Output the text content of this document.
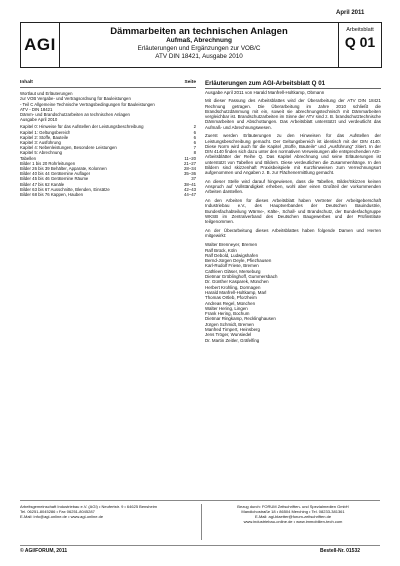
April 2011
AGI
Dämmarbeiten an technischen Anlagen
Aufmaß, Abrechnung
Erläuterungen und Ergänzungen zur VOB/C
ATV DIN 18421, Ausgabe 2010
Arbeitsblatt
Q 01
Inhalt	Seite
Wortlaut und Erläuterungen
zur VOB Vergabe- und Vertragsordnung für Bauleistungen
- Teil C Allgemeine Technische Vertragsbedingungen für Bauleistungen
ATV - DIN 18421
Dämm- und Brandschutzarbeiten an technischen Anlagen
Ausgabe April 2010
Kapitel 0: Hinweise für das Aufstellen der Leistungsbeschreibung	2
Kapitel 1: Geltungsbereich	6
Kapitel 2: Stoffe, Bauteile	6
Kapitel 3: Ausführung	6
Kapitel 4: Nebenleistungen, Besondere Leistungen	7
Kapitel 5: Abrechnung	8
Tabellen	11–20
Bilder 1 bis 20 Rohrleitungen	21–27
Bilder 26 bis 39 Behälter, Apparate, Kolonnen	28–34
Bilder 40 bis 44 Gerätemine Auflager	35–36
Bilder 45 bis 46 Gerätemine Räume	37
Bilder 47 bis 62 Kanäle	38–41
Bilder 63 bis 67 Ausschnitte, Blenden, Einsätze	42–43
Bilder 68 bis 76 Kappen, Hauben	44–47
Erläuterungen zum AGI-Arbeitsblatt Q 01
Ausgabe April 2011 von Harald Manfrell-Holtkamp, Obmann

Mit dieser Fassung des Arbeitsblattes wird der Überarbeitung der ATV DIN 18421 Rechnung getragen. Die Überarbeitung im Jahre 2010 schließt die Brandschutzdämmung mit ein, soweit sie abrechnungstechnisch mit Dämmarbeiten vergleichbar ist. Brandschutzarbeiten im Sinne der ATV sind z. B. brandschutztechnische Dämmarbeiten und Abschottungen. Das Arbeitsblatt unterstützt und verdeutlicht das Aufmaß- und Abrechnungswesen.

Zuerst werden Erläuterungen zu den Hinweisen für das Aufstellen der Leistungsbeschreibung gemacht. Der Geltungsbereich ist identisch mit der DIN 4140. Diese Norm wird auch für die Kapitel „Stoffe, Bauteile“ und „Ausführung“ zitiert. In der DIN 4140 finden sich dazu unter den normativen Verweisungen alle entsprechenden AGI-Arbeitsblätter der Reihe Q. Das Kapitel Abrechnung und seine Erläuterungen ist unterstützt von Tabellen und Bildern. Diese verdeutlichen die Zusammenhänge. In den Bildern sind skizzenhaft Praxisbeispiele mit Kurzhinweisen zum Verrechnungsort aufgenommen und Angaben z. B. zur Flächenermittlung gemacht.

An dieser Stelle wird darauf hingewiesen, dass die Tabellen, Bilder/Skizzen keinen Anspruch auf Vollständigkeit erheben, wohl aber einen Großteil der vorkommenden Arbeiten darstellen.

An den Arbeiten für dieses Arbeitsblatt haben Vertreter der Arbeitgeberschaft Industriebau e.V., des Hauptverbandes der Deutschen Bauindustrie, Bundesfachabteilung Wärme-, Kälte-, Schall- und Brandschutz, der Bundesfachgruppe WKSB im Zentralverband des Deutschen Baugewerbes und der Prüfinstitute teilgenommen.

An der Überarbeitung dieses Arbeitsblattes haben folgende Damen und Herren mitgewirkt:

Walter Brenneyer, Bremen
Ralf Brück, Köln
Ralf Debold, Ludwigshafen
Bernd-Jürgen Deyle, Pfiezhausen
Karl-Rudolf Friese, Bremen
Cathleen Gläser, Merseburg
Dietmar Gröblinghoff, Gummersbach
Dr. Günther Kasparek, München
Herbert Krohling, Dormagen
Harald Manfrell-Holtkamp, Marl
Thomas Ortleb, Pforzheim
Andreas Regel, München
Walter Hering, Lingen
Frank Hering, Bochum
Dietmar Ringkamp, Recklinghausen
Jürgen Schmidt, Bremen
Manfred Timpert, Heinsberg
Jens Tröger, Wunsiedel
Dr. Martin Zeitler, Gräfelfing
Arbeitsgemeinschaft Industriebau e.V. (AGI) • Neufertstr. 9 • 64625 Bensheim
Tel. 06251-8045286 • Fax 06251-8045287
E-Mail: info@agi-online.de • www.agi-online.de
Bezug durch: FORUM Zeitschriften- und Spezialmedien GmbH
Mandichostraße 18 • 86504 Merching • Tel. 08233-381361
E-Mail: agi-blaetter@forum-zeitschriften.de
www.industriebau-online.de • www.immobilien-tech.com
© AGI/FORUM, 2011	Bestell-Nr. 01532
